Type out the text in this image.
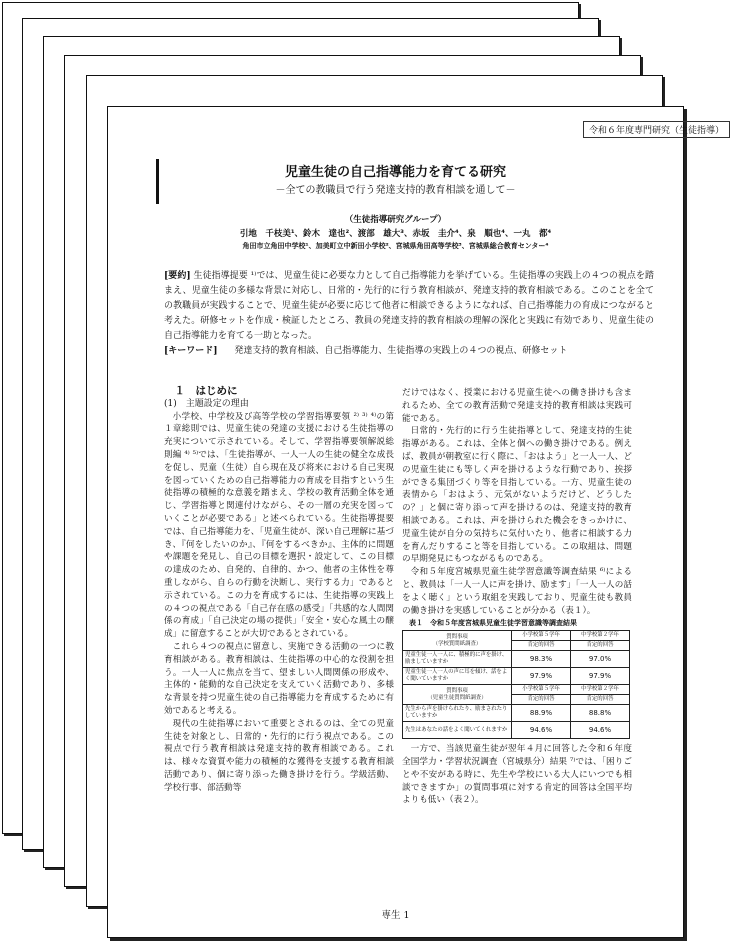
令和６年度専門研究（生徒指導）
児童生徒の自己指導能力を育てる研究
－全ての教職員で行う発達支持的教育相談を通して－
（生徒指導研究グループ）
引地　千枝美¹、鈴木　達也²、渡部　雄大³、赤坂　圭介⁴、泉　順也⁴、一丸　都⁴
角田市立角田中学校¹、加美町立中新田小学校²、宮城県角田高等学校³、宮城県総合教育センター⁴
[要約] 生徒指導提要 ¹⁾では、児童生徒に必要な力として自己指導能力を挙げている。生徒指導の実践上の４つの視点を踏まえ、児童生徒の多様な背景に対応し、日常的・先行的に行う教育相談が、発達支持的教育相談である。このことを全ての教職員が実践することで、児童生徒が必要に応じて他者に相談できるようになれば、自己指導能力の育成につながると考えた。研修セットを作成・検証したところ、教員の発達支持的教育相談の理解の深化と実践に有効であり、児童生徒の自己指導能力を育てる一助となった。
[キーワード] 発達支持的教育相談、自己指導能力、生徒指導の実践上の４つの視点、研修セット

１　はじめに

(1)　主題設定の理由

小学校、中学校及び高等学校の学習指導要領 ²⁾ ³⁾ ⁴⁾の第１章総則では、児童生徒の発達の支援における生徒指導の充実について示されている。そして、学習指導要領解説総則編 ⁴⁾ ⁵⁾では、「生徒指導が、一人一人の生徒の健全な成長を促し、児童（生徒）自ら現在及び将来における自己実現を図っていくための自己指導能力の育成を目指すという生徒指導の積極的な意義を踏まえ、学校の教育活動全体を通じ、学習指導と関連付けながら、その一層の充実を図っていくことが必要である」と述べられている。生徒指導提要では、自己指導能力を、「児童生徒が、深い自己理解に基づき、『何をしたいのか』、『何をするべきか』、主体的に問題や課題を発見し、自己の目標を選択・設定して、この目標の達成のため、自発的、自律的、かつ、他者の主体性を尊重しながら、自らの行動を決断し、実行する力」であると示されている。この力を育成するには、生徒指導の実践上の４つの視点である「自己存在感の感受」「共感的な人間関係の育成」「自己決定の場の提供」「安全・安心な風土の醸成」に留意することが大切であるとされている。

これら４つの視点に留意し、実施できる活動の一つに教育相談がある。教育相談は、生徒指導の中心的な役割を担う。一人一人に焦点を当て、望ましい人間関係の形成や、主体的・能動的な自己決定を支えていく活動であり、多様な背景を持つ児童生徒の自己指導能力を育成するために有効であると考える。

現代の生徒指導において重要とされるのは、全ての児童生徒を対象とし、日常的・先行的に行う視点である。この視点で行う教育相談は発達支持的教育相談である。これは、様々な資質や能力の積極的な獲得を支援する教育相談活動であり、個に寄り添った働き掛けを行う。学級活動、学校行事、部活動等

だけではなく、授業における児童生徒への働き掛けも含まれるため、全ての教育活動で発達支持的教育相談は実践可能である。

日常的・先行的に行う生徒指導として、発達支持的生徒指導がある。これは、全体と個への働き掛けである。例えば、教員が朝教室に行く際に、「おはよう」と一人一人、どの児童生徒にも等しく声を掛けるような行動であり、挨拶ができる集団づくり等を目指している。一方、児童生徒の表情から「おはよう、元気がないようだけど、どうしたの？」と個に寄り添って声を掛けるのは、発達支持的教育相談である。これは、声を掛けられた機会をきっかけに、児童生徒が自分の気持ちに気付いたり、他者に相談する力を育んだりすること等を目指している。この取組は、問題の早期発見にもつながるものである。

令和５年度宮城県児童生徒学習意識等調査結果 ⁶⁾によると、教員は「一人一人に声を掛け、励ます」「一人一人の話をよく聴く」という取組を実践しており、児童生徒も教員の働き掛けを実感していることが分かる（表１）。

表１　令和５年度宮城県児童生徒学習意識等調査結果

質問事項
（学校質問紙調査）	小学校第５学年	中学校第２学年
	肯定的回答	肯定的回答
児童生徒一人一人に、積極的に声を掛け、励ましていますか	98.3%	97.0%
児童生徒一人一人の声に耳を傾け、話をよく聞いていますか	97.9%	97.9%

質問事項
（児童生徒質問紙調査）	小学校第５学年	中学校第２学年
	肯定的回答	肯定的回答
先生から声を掛けられたり、励まされたりしていますか	88.9%	88.8%
先生はあなたの話をよく聞いてくれますか	94.6%	94.6%

一方で、当該児童生徒が翌年４月に回答した令和６年度全国学力・学習状況調査（宮城県分）結果 ⁷⁾では、「困りごとや不安がある時に、先生や学校にいる大人にいつでも相談できますか」の質問事項に対する肯定的回答は全国平均よりも低い（表２）。

専生 1
